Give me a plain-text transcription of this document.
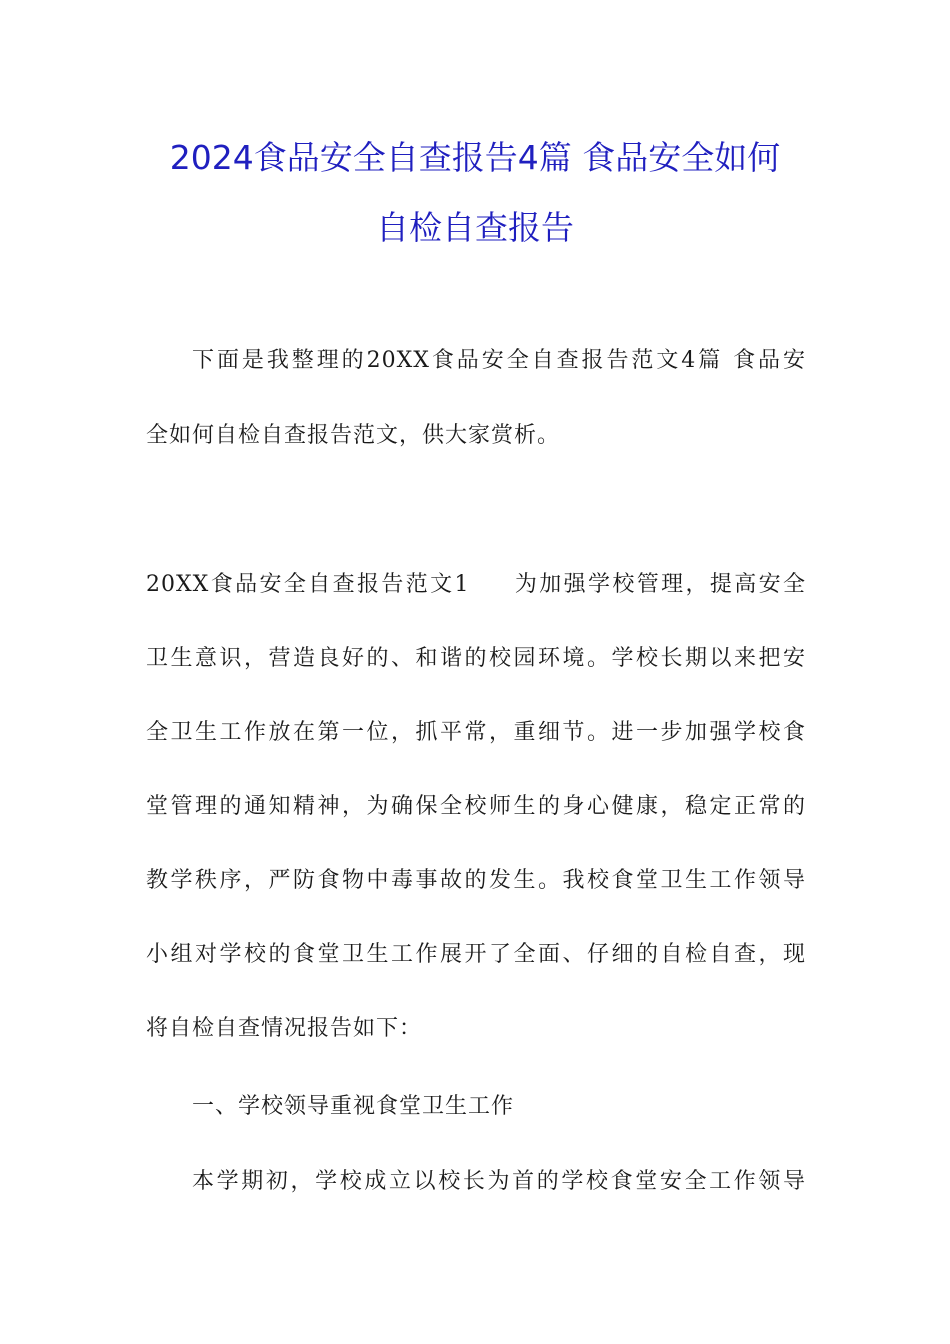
2024食品安全自查报告4篇 食品安全如何
自检自查报告
下面是我整理的20XX食品安全自查报告范文4篇 食品安
全如何自检自查报告范文，供大家赏析。
20XX食品安全自查报告范文1 为加强学校管理，提高安全
卫生意识，营造良好的、和谐的校园环境。学校长期以来把安
全卫生工作放在第一位，抓平常，重细节。进一步加强学校食
堂管理的通知精神，为确保全校师生的身心健康，稳定正常的
教学秩序，严防食物中毒事故的发生。我校食堂卫生工作领导
小组对学校的食堂卫生工作展开了全面、仔细的自检自查，现
将自检自查情况报告如下：
一、学校领导重视食堂卫生工作
本学期初，学校成立以校长为首的学校食堂安全工作领导
